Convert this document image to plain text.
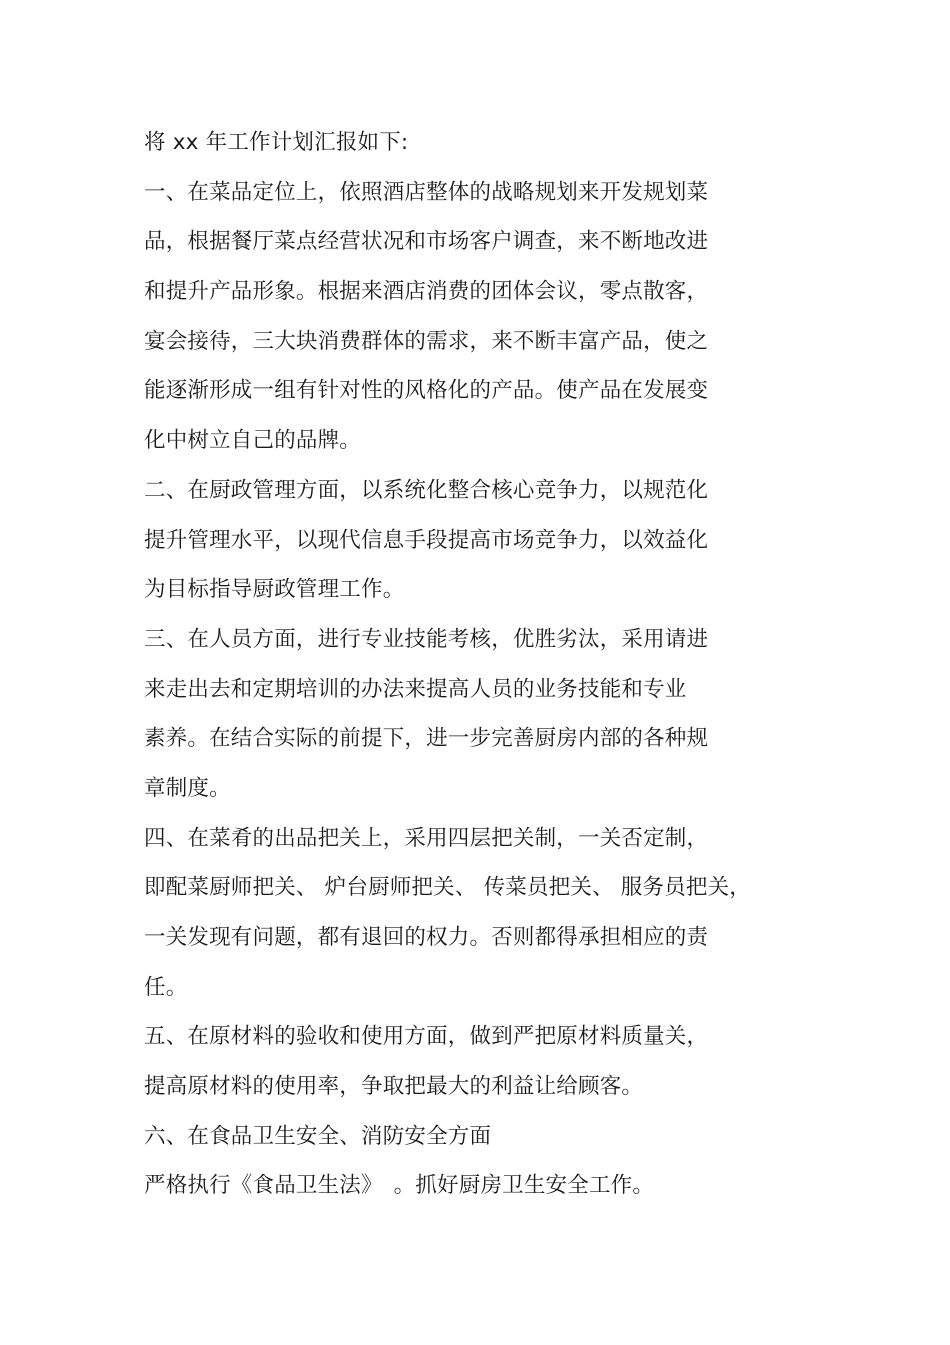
将 xx 年工作计划汇报如下:
一、在菜品定位上，依照酒店整体的战略规划来开发规划菜
品，根据餐厅菜点经营状况和市场客户调查，来不断地改进
和提升产品形象。根据来酒店消费的团体会议，零点散客，
宴会接待，三大块消费群体的需求，来不断丰富产品，使之
能逐渐形成一组有针对性的风格化的产品。使产品在发展变
化中树立自己的品牌。
二、在厨政管理方面，以系统化整合核心竞争力，以规范化
提升管理水平，以现代信息手段提高市场竞争力，以效益化
为目标指导厨政管理工作。
三、在人员方面，进行专业技能考核，优胜劣汰，采用请进
来走出去和定期培训的办法来提高人员的业务技能和专业
素养。在结合实际的前提下，进一步完善厨房内部的各种规
章制度。
四、在菜肴的出品把关上，采用四层把关制，一关否定制，
即配菜厨师把关、 炉台厨师把关、 传菜员把关、 服务员把关，
一关发现有问题，都有退回的权力。否则都得承担相应的责
任。
五、在原材料的验收和使用方面，做到严把原材料质量关，
提高原材料的使用率，争取把最大的利益让给顾客。
六、在食品卫生安全、消防安全方面
严格执行《食品卫生法》　。抓好厨房卫生安全工作。
